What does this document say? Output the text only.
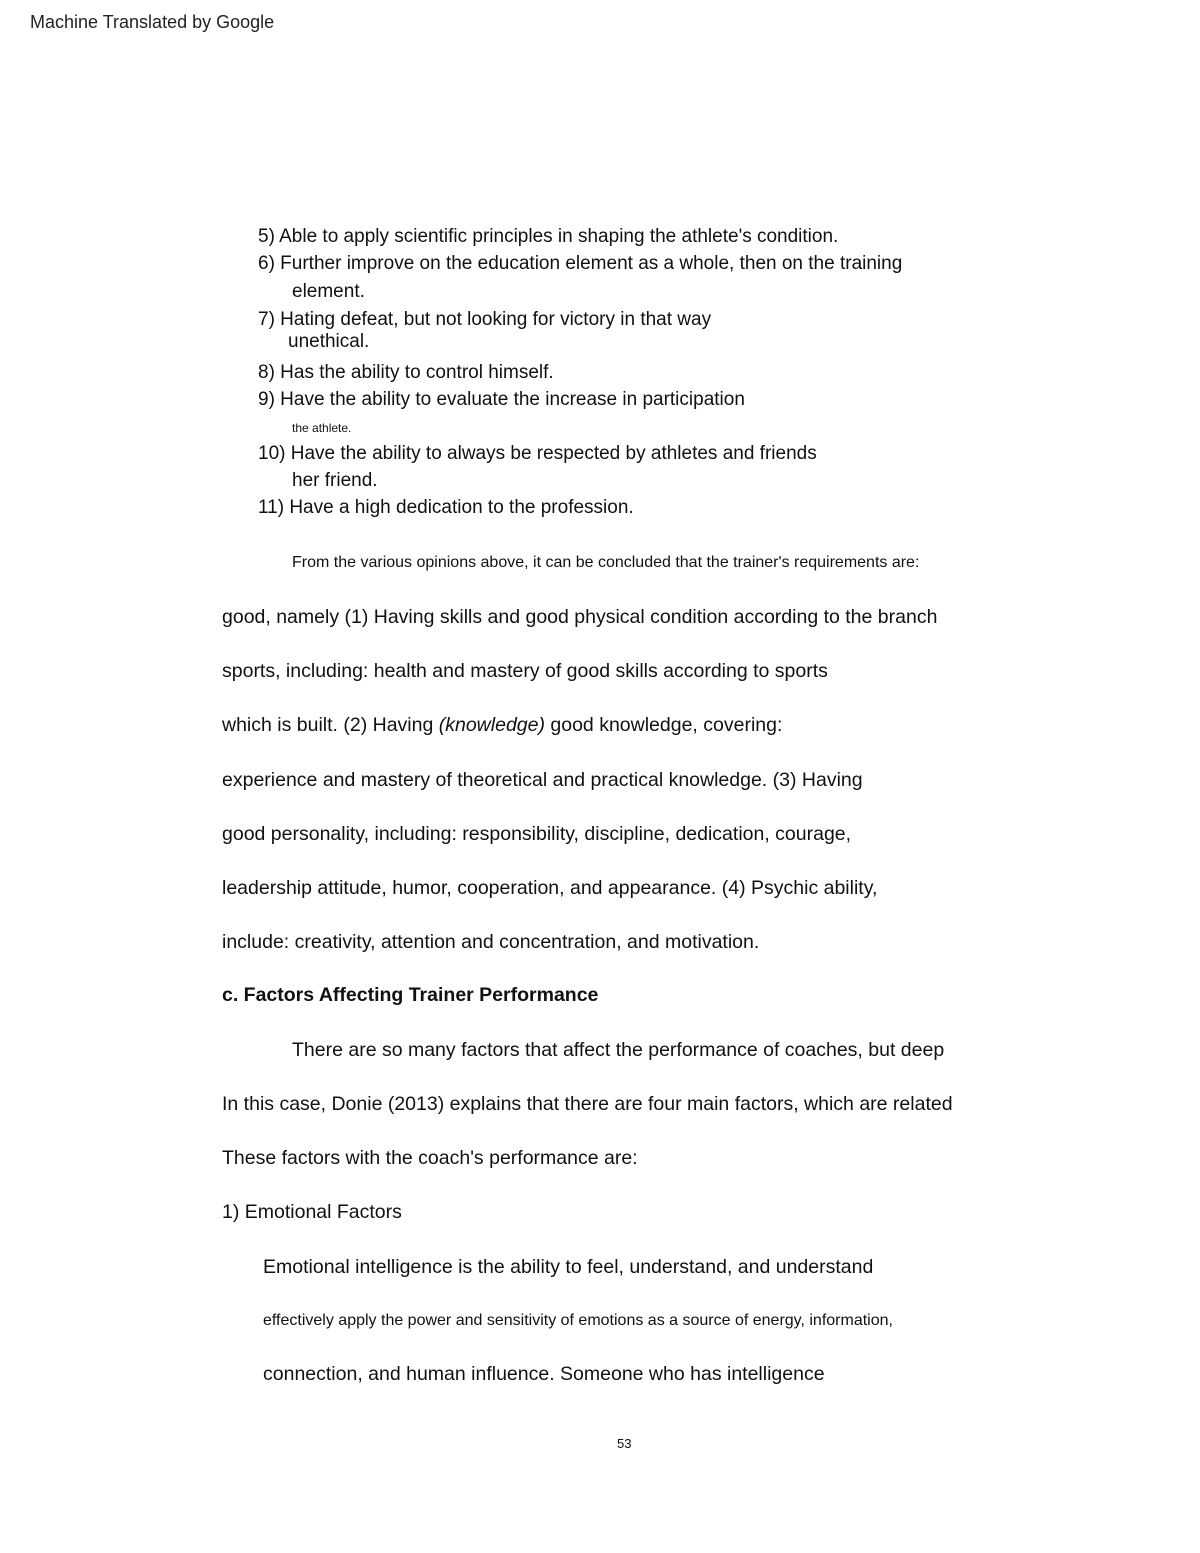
Machine Translated by Google
5) Able to apply scientific principles in shaping the athlete's condition.
6) Further improve on the education element as a whole, then on the training
element.
7) Hating defeat, but not looking for victory in that way
unethical.
8) Has the ability to control himself.
9) Have the ability to evaluate the increase in participation
the athlete.
10) Have the ability to always be respected by athletes and friends
her friend.
11) Have a high dedication to the profession.
From the various opinions above, it can be concluded that the trainer's requirements are:
good, namely (1) Having skills and good physical condition according to the branch
sports, including: health and mastery of good skills according to sports
which is built. (2) Having (knowledge) good knowledge, covering:
experience and mastery of theoretical and practical knowledge. (3) Having
good personality, including: responsibility, discipline, dedication, courage,
leadership attitude, humor, cooperation, and appearance. (4) Psychic ability,
include: creativity, attention and concentration, and motivation.
c. Factors Affecting Trainer Performance
There are so many factors that affect the performance of coaches, but deep
In this case, Donie (2013) explains that there are four main factors, which are related
These factors with the coach's performance are:
1) Emotional Factors
Emotional intelligence is the ability to feel, understand, and understand
effectively apply the power and sensitivity of emotions as a source of energy, information,
connection, and human influence. Someone who has intelligence
53
